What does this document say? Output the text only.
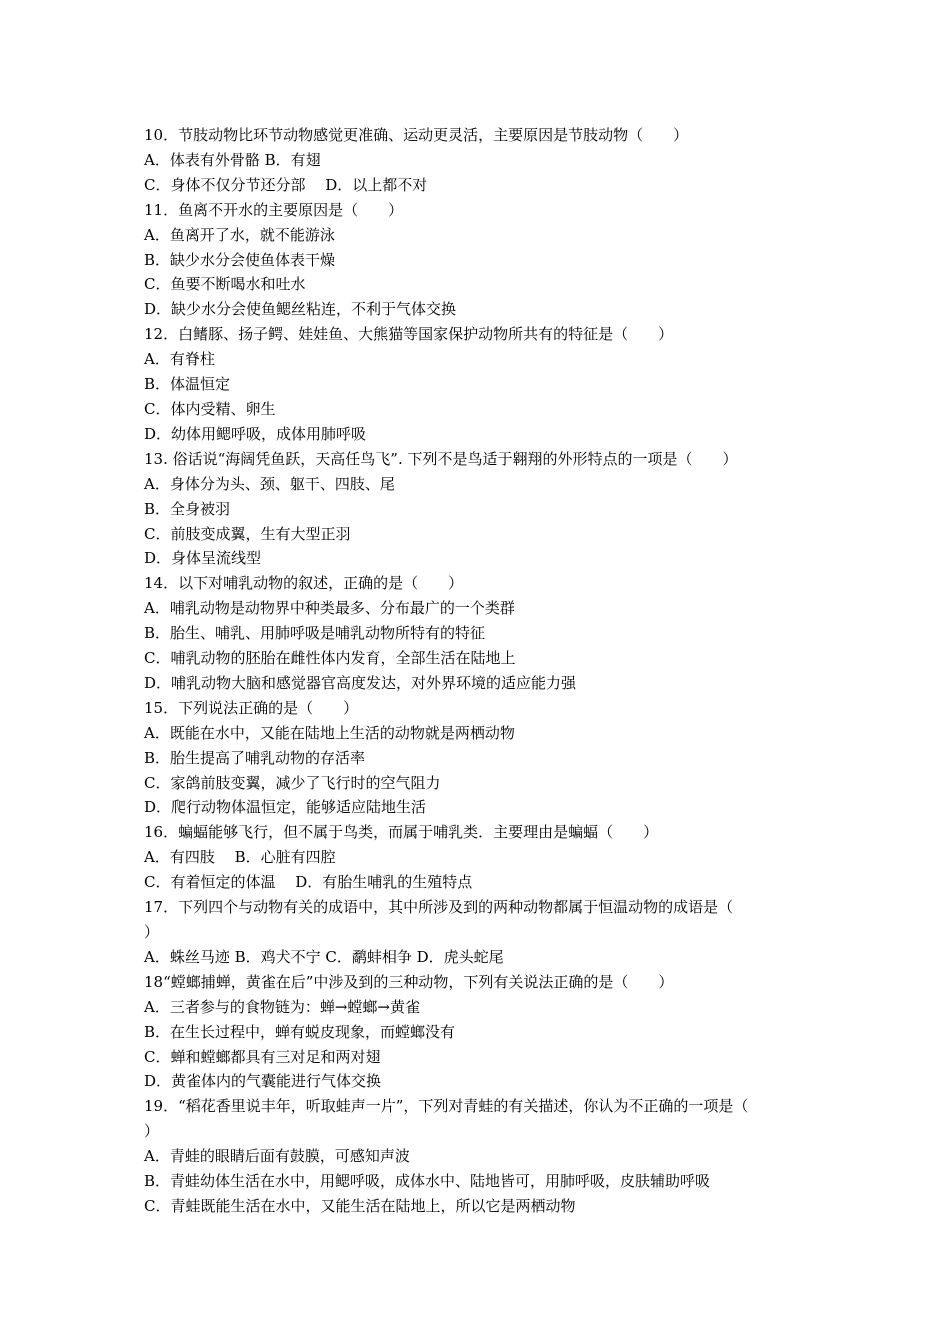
10．节肢动物比环节动物感觉更准确、运动更灵活，主要原因是节肢动物（　　）
A．体表有外骨骼 B．有翅
C．身体不仅分节还分部　 D．以上都不对
11．鱼离不开水的主要原因是（　　）
A．鱼离开了水，就不能游泳
B．缺少水分会使鱼体表干燥
C．鱼要不断喝水和吐水
D．缺少水分会使鱼鳃丝粘连，不利于气体交换
12．白鳍豚、扬子鳄、娃娃鱼、大熊猫等国家保护动物所共有的特征是（　　）
A．有脊柱
B．体温恒定
C．体内受精、卵生
D．幼体用鳃呼吸，成体用肺呼吸
13. 俗话说“海阔凭鱼跃，天高任鸟飞”. 下列不是鸟适于翱翔的外形特点的一项是（　　）
A．身体分为头、颈、躯干、四肢、尾
B．全身被羽
C．前肢变成翼，生有大型正羽
D．身体呈流线型
14．以下对哺乳动物的叙述，正确的是（　　）
A．哺乳动物是动物界中种类最多、分布最广的一个类群
B．胎生、哺乳、用肺呼吸是哺乳动物所特有的特征
C．哺乳动物的胚胎在雌性体内发育，全部生活在陆地上
D．哺乳动物大脑和感觉器官高度发达，对外界环境的适应能力强
15．下列说法正确的是（　　）
A．既能在水中，又能在陆地上生活的动物就是两栖动物
B．胎生提高了哺乳动物的存活率
C．家鸽前肢变翼，减少了飞行时的空气阻力
D．爬行动物体温恒定，能够适应陆地生活
16．蝙蝠能够飞行，但不属于鸟类，而属于哺乳类．主要理由是蝙蝠（　　）
A．有四肢　 B．心脏有四腔
C．有着恒定的体温　 D．有胎生哺乳的生殖特点
17．下列四个与动物有关的成语中，其中所涉及到的两种动物都属于恒温动物的成语是（
）
A．蛛丝马迹 B．鸡犬不宁 C．鹬蚌相争 D．虎头蛇尾
18“螳螂捕蝉，黄雀在后”中涉及到的三种动物，下列有关说法正确的是（　　）
A．三者参与的食物链为：蝉→螳螂→黄雀
B．在生长过程中，蝉有蜕皮现象，而螳螂没有
C．蝉和螳螂都具有三对足和两对翅
D．黄雀体内的气囊能进行气体交换
19．“稻花香里说丰年，听取蛙声一片”，下列对青蛙的有关描述，你认为不正确的一项是（
）
A．青蛙的眼睛后面有鼓膜，可感知声波
B．青蛙幼体生活在水中，用鳃呼吸，成体水中、陆地皆可，用肺呼吸，皮肤辅助呼吸
C．青蛙既能生活在水中，又能生活在陆地上，所以它是两栖动物
